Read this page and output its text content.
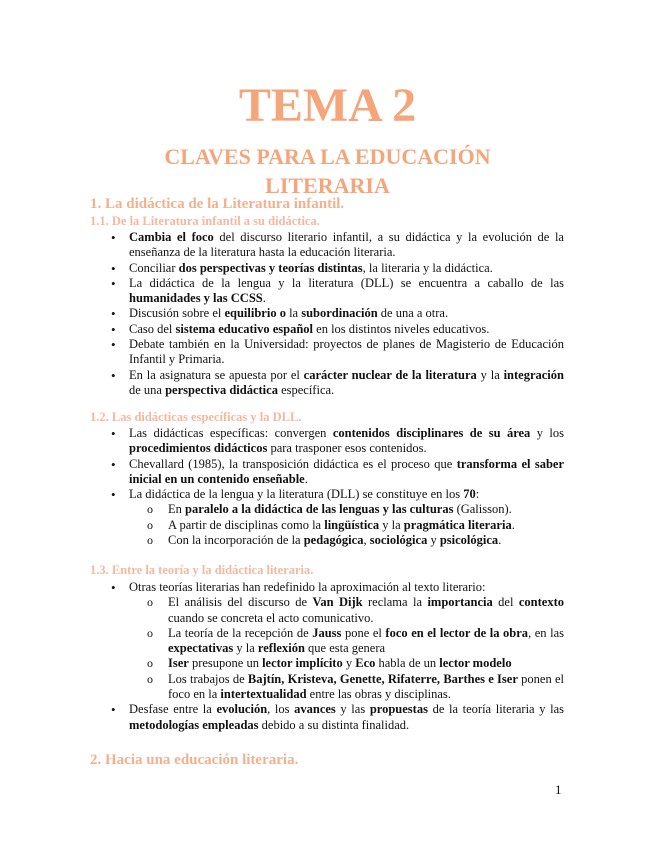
TEMA 2
CLAVES PARA LA EDUCACIÓN LITERARIA
1. La didáctica de la Literatura infantil.
1.1. De la Literatura infantil a su didáctica.
• Cambia el foco del discurso literario infantil, a su didáctica y la evolución de la enseñanza de la literatura hasta la educación literaria.
• Conciliar dos perspectivas y teorías distintas, la literaria y la didáctica.
• La didáctica de la lengua y la literatura (DLL) se encuentra a caballo de las humanidades y las CCSS.
• Discusión sobre el equilibrio o la subordinación de una a otra.
• Caso del sistema educativo español en los distintos niveles educativos.
• Debate también en la Universidad: proyectos de planes de Magisterio de Educación Infantil y Primaria.
• En la asignatura se apuesta por el carácter nuclear de la literatura y la integración de una perspectiva didáctica específica.
1.2. Las didácticas específicas y la DLL.
• Las didácticas específicas: convergen contenidos disciplinares de su área y los procedimientos didácticos para trasponer esos contenidos.
• Chevallard (1985), la transposición didáctica es el proceso que transforma el saber inicial en un contenido enseñable.
• La didáctica de la lengua y la literatura (DLL) se constituye en los 70:
o En paralelo a la didáctica de las lenguas y las culturas (Galisson).
o A partir de disciplinas como la lingüística y la pragmática literaria.
o Con la incorporación de la pedagógica, sociológica y psicológica.
1.3. Entre la teoría y la didáctica literaria.
• Otras teorías literarias han redefinido la aproximación al texto literario:
o El análisis del discurso de Van Dijk reclama la importancia del contexto cuando se concreta el acto comunicativo.
o La teoría de la recepción de Jauss pone el foco en el lector de la obra, en las expectativas y la reflexión que esta genera
o Iser presupone un lector implícito y Eco habla de un lector modelo
o Los trabajos de Bajtín, Kristeva, Genette, Rifaterre, Barthes e Iser ponen el foco en la intertextualidad entre las obras y disciplinas.
• Desfase entre la evolución, los avances y las propuestas de la teoría literaria y las metodologías empleadas debido a su distinta finalidad.
2. Hacia una educación literaria.
1
